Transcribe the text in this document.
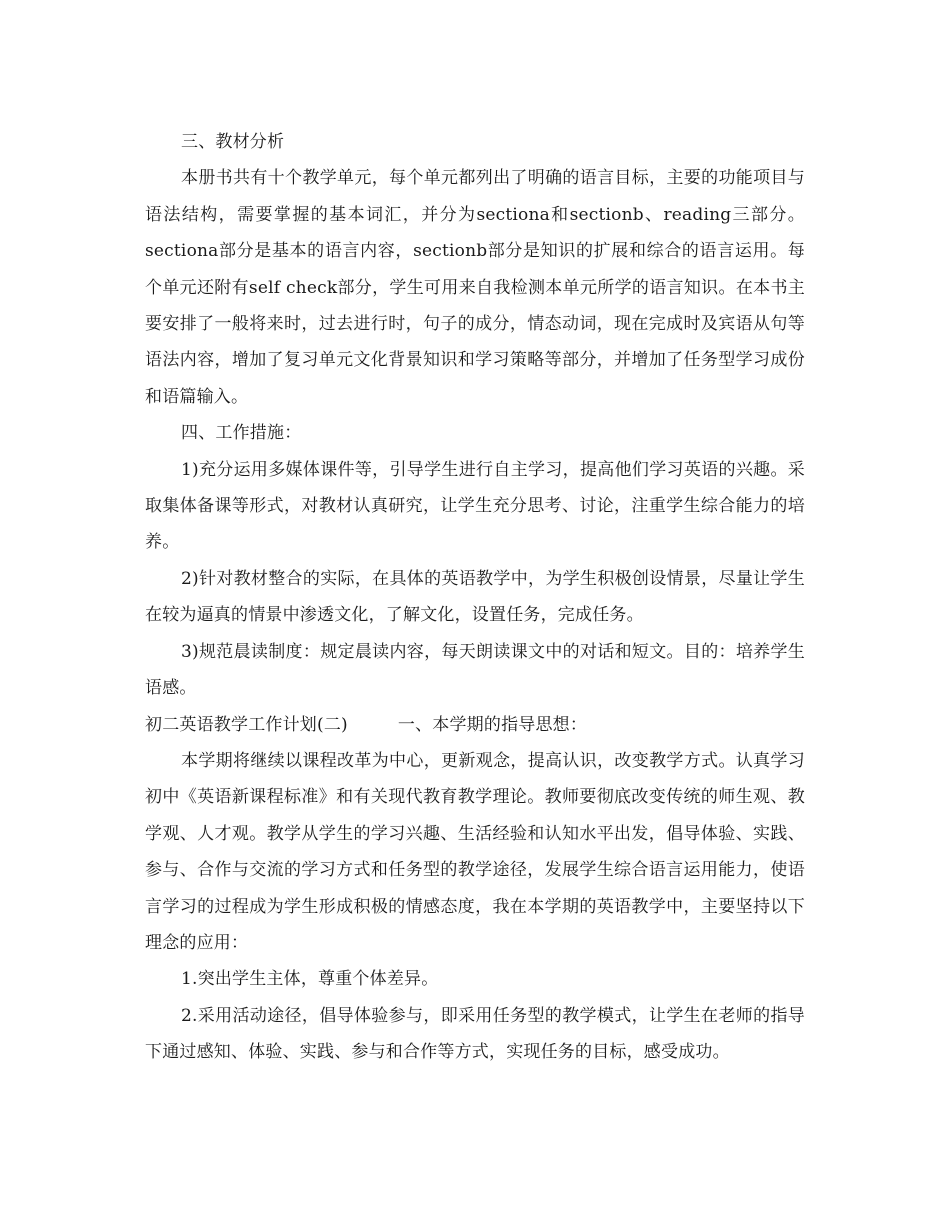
三、教材分析

本册书共有十个教学单元，每个单元都列出了明确的语言目标，主要的功能项目与语法结构，需要掌握的基本词汇，并分为sectiona和sectionb、reading三部分。sectiona部分是基本的语言内容，sectionb部分是知识的扩展和综合的语言运用。每个单元还附有self check部分，学生可用来自我检测本单元所学的语言知识。在本书主要安排了一般将来时，过去进行时，句子的成分，情态动词，现在完成时及宾语从句等语法内容，增加了复习单元文化背景知识和学习策略等部分，并增加了任务型学习成份和语篇输入。

四、工作措施：

1)充分运用多媒体课件等，引导学生进行自主学习，提高他们学习英语的兴趣。采取集体备课等形式，对教材认真研究，让学生充分思考、讨论，注重学生综合能力的培养。

2)针对教材整合的实际，在具体的英语教学中，为学生积极创设情景，尽量让学生在较为逼真的情景中渗透文化，了解文化，设置任务，完成任务。

3)规范晨读制度：规定晨读内容，每天朗读课文中的对话和短文。目的：培养学生语感。

初二英语教学工作计划(二)	一、本学期的指导思想：

本学期将继续以课程改革为中心，更新观念，提高认识，改变教学方式。认真学习初中《英语新课程标准》和有关现代教育教学理论。教师要彻底改变传统的师生观、教学观、人才观。教学从学生的学习兴趣、生活经验和认知水平出发，倡导体验、实践、参与、合作与交流的学习方式和任务型的教学途径，发展学生综合语言运用能力，使语言学习的过程成为学生形成积极的情感态度，我在本学期的英语教学中，主要坚持以下理念的应用：

1.突出学生主体，尊重个体差异。

2.采用活动途径，倡导体验参与，即采用任务型的教学模式，让学生在老师的指导下通过感知、体验、实践、参与和合作等方式，实现任务的目标，感受成功。
